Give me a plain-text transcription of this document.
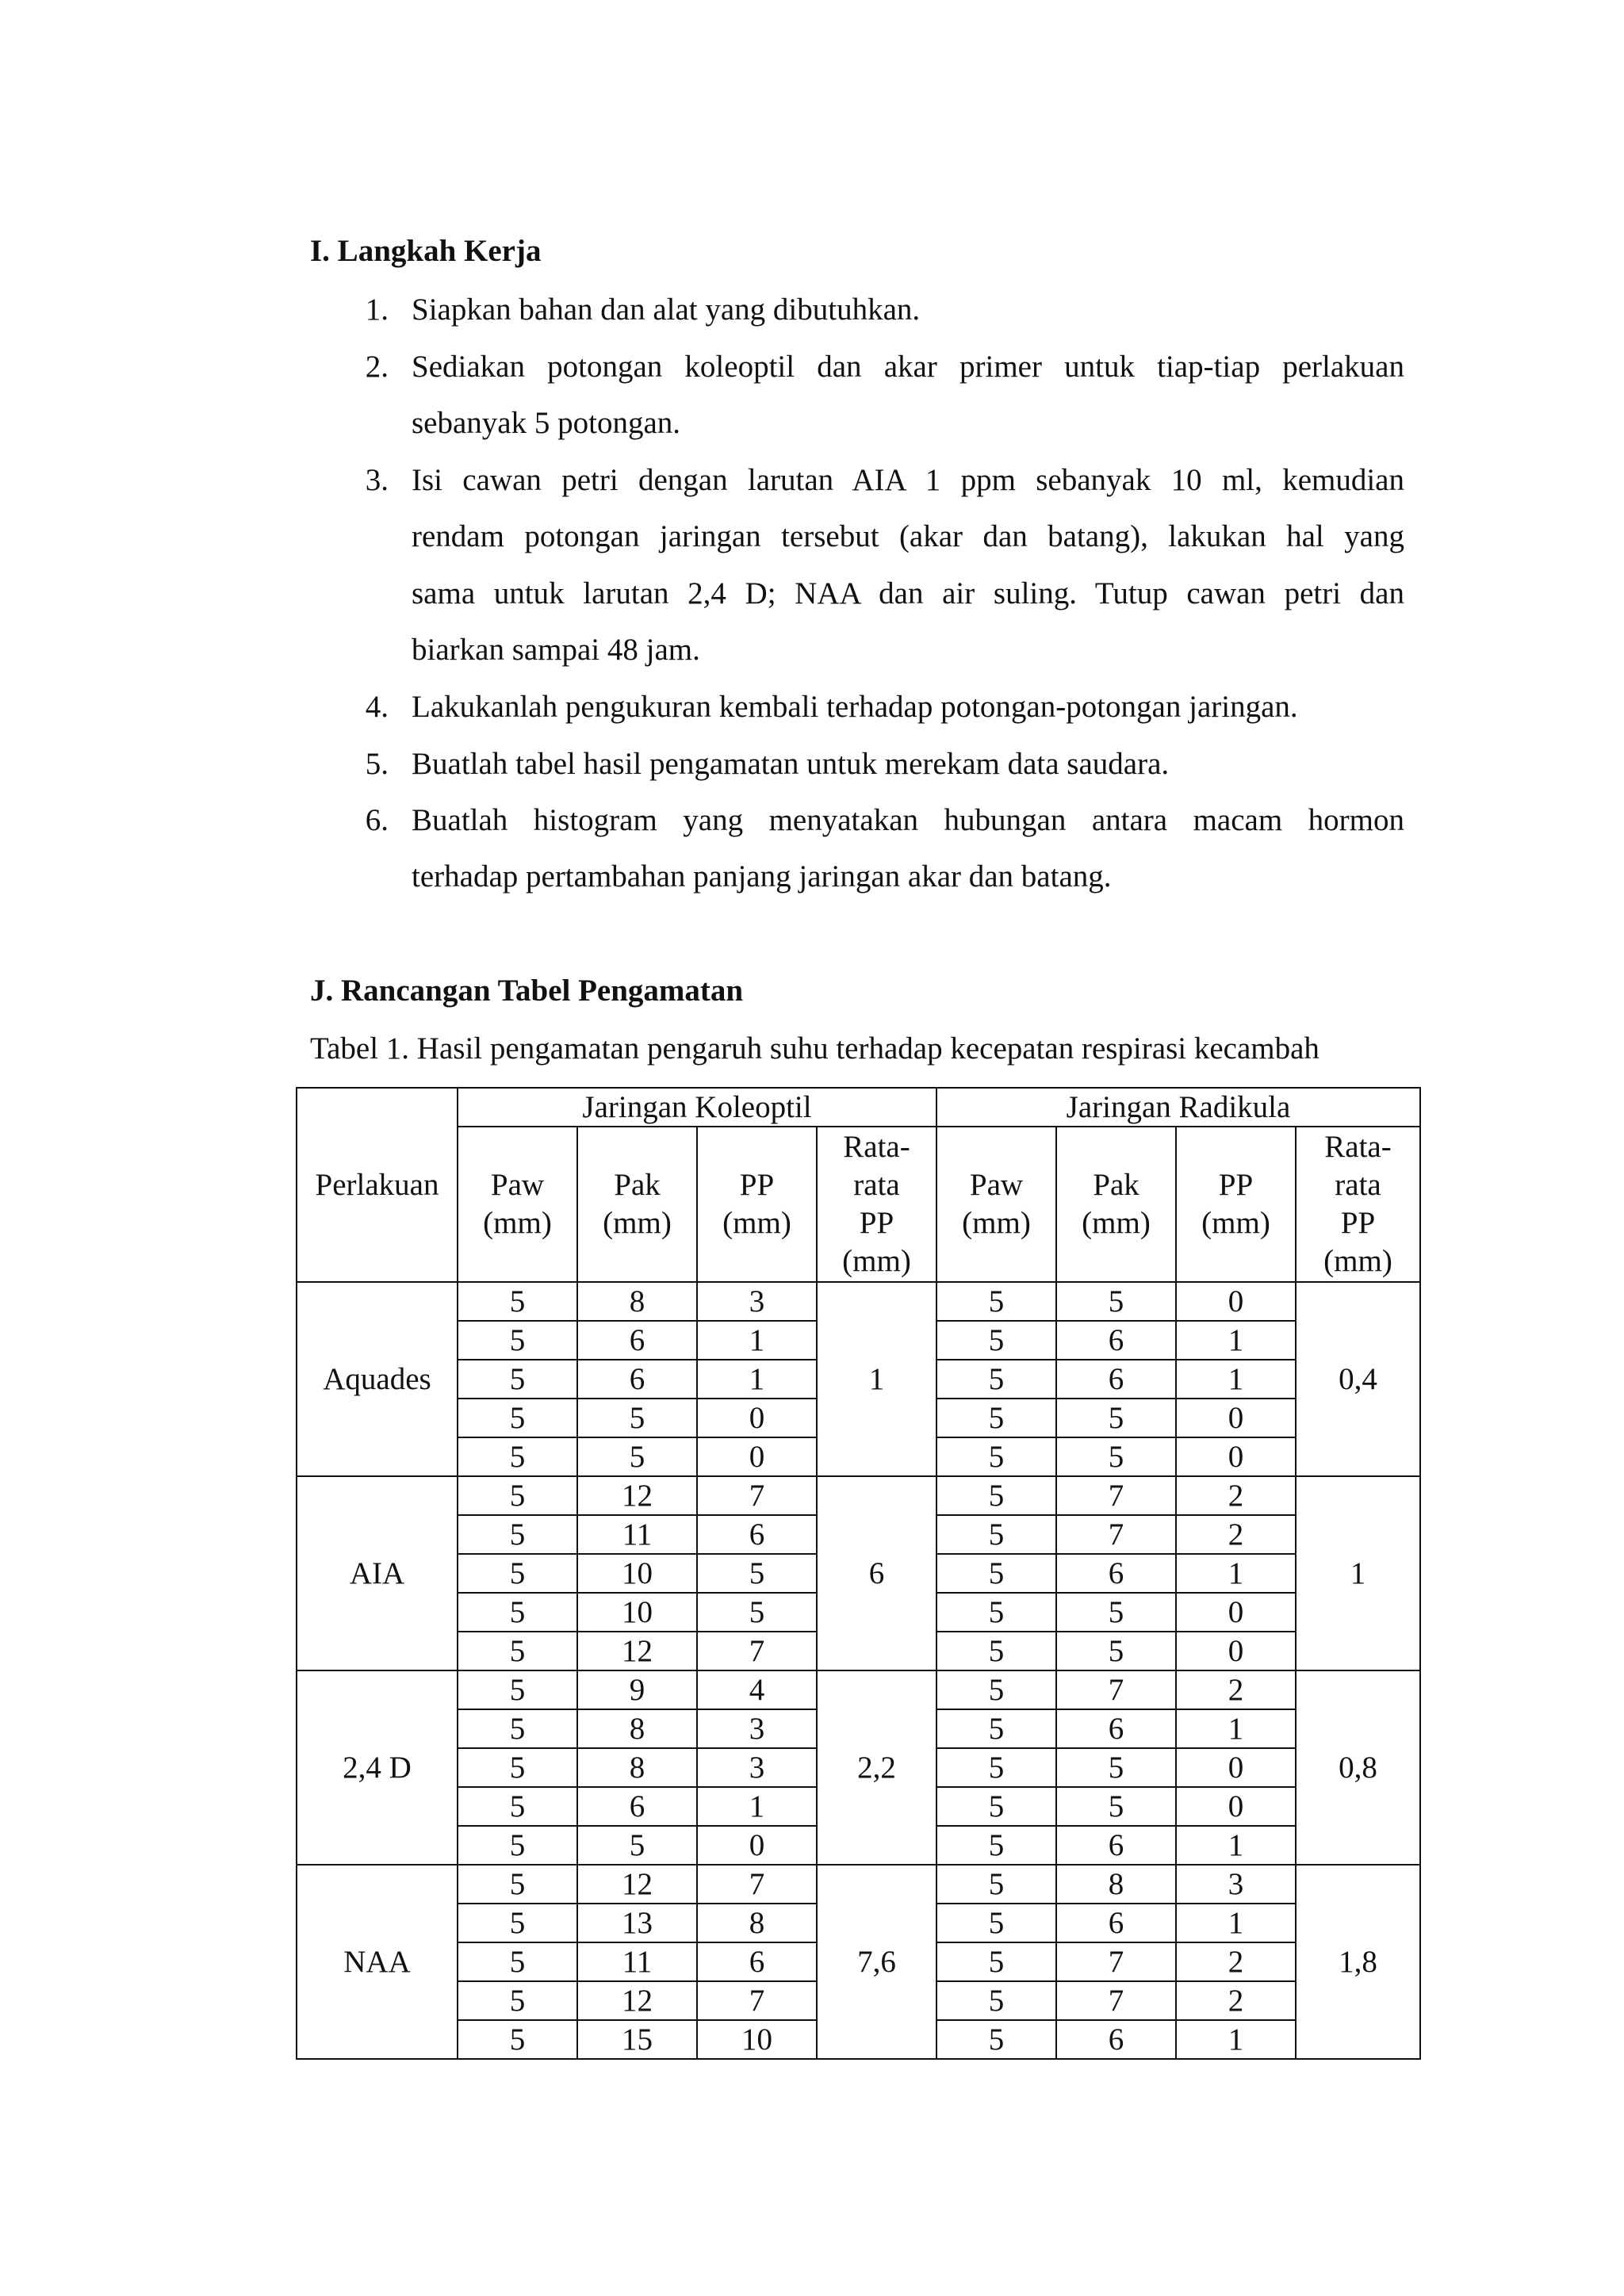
I. Langkah Kerja
1. Siapkan bahan dan alat yang dibutuhkan.
2. Sediakan potongan koleoptil dan akar primer untuk tiap-tiap perlakuan
sebanyak 5 potongan.
3. Isi cawan petri dengan larutan AIA 1 ppm sebanyak 10 ml, kemudian
rendam potongan jaringan tersebut (akar dan batang), lakukan hal yang
sama untuk larutan 2,4 D; NAA dan air suling. Tutup cawan petri dan
biarkan sampai 48 jam.
4. Lakukanlah pengukuran kembali terhadap potongan-potongan jaringan.
5. Buatlah tabel hasil pengamatan untuk merekam data saudara.
6. Buatlah histogram yang menyatakan hubungan antara macam hormon
terhadap pertambahan panjang jaringan akar dan batang.
J. Rancangan Tabel Pengamatan
Tabel 1. Hasil pengamatan pengaruh suhu terhadap kecepatan respirasi kecambah
Perlakuan	Jaringan Koleoptil				Jaringan Radikula			
	Paw
(mm)	Pak
(mm)	PP
(mm)	Rata-
rata
PP
(mm)	Paw
(mm)	Pak
(mm)	PP
(mm)	Rata-
rata
PP
(mm)
Aquades	5	8	3	1	5	5	0	0,4
	5	6	1		5	6	1	
	5	6	1		5	6	1	
	5	5	0		5	5	0	
	5	5	0		5	5	0	
AIA	5	12	7	6	5	7	2	1
	5	11	6		5	7	2	
	5	10	5		5	6	1	
	5	10	5		5	5	0	
	5	12	7		5	5	0	
2,4 D	5	9	4	2,2	5	7	2	0,8
	5	8	3		5	6	1	
	5	8	3		5	5	0	
	5	6	1		5	5	0	
	5	5	0		5	6	1	
NAA	5	12	7	7,6	5	8	3	1,8
	5	13	8		5	6	1	
	5	11	6		5	7	2	
	5	12	7		5	7	2	
	5	15	10		5	6	1	
